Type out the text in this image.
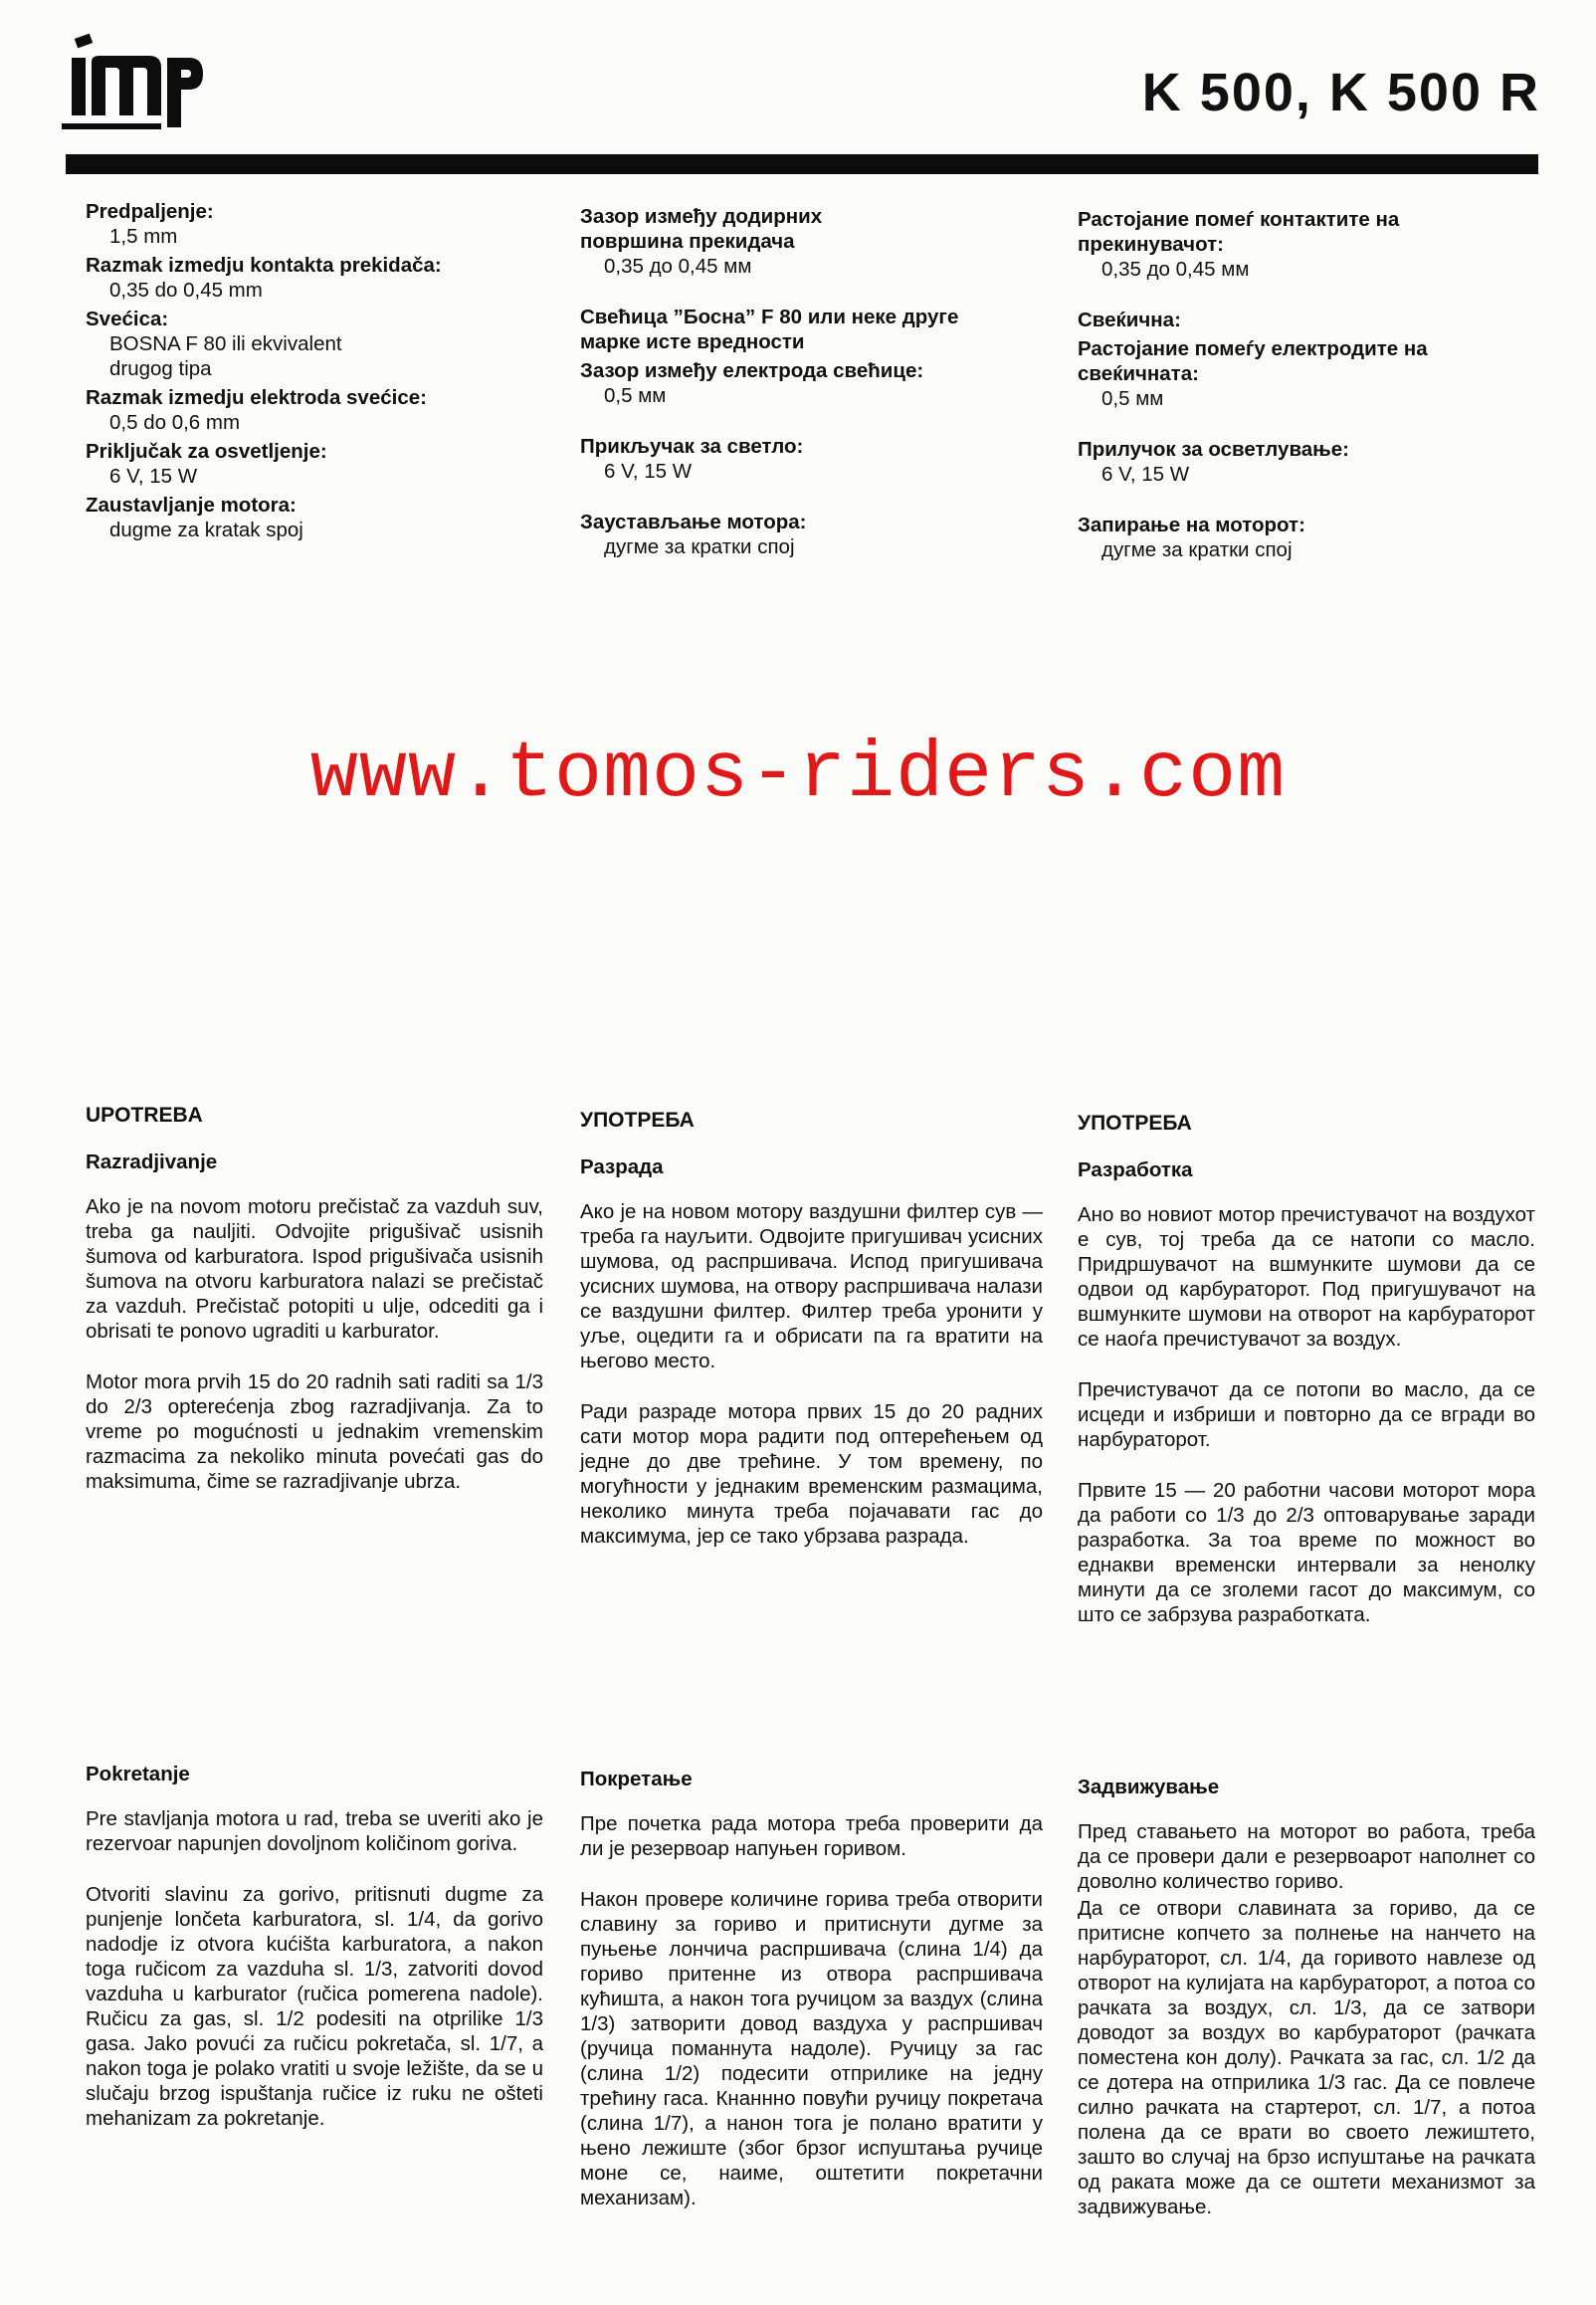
imp
K 500, K 500 R
Predpaljenje:
1,5 mm
Razmak izmedju kontakta prekidača:
0,35 do 0,45 mm
Svećica:
BOSNA F 80 ili ekvivalent drugog tipa
Razmak izmedju elektroda svećice:
0,5 do 0,6 mm
Priključak za osvetljenje:
6 V, 15 W
Zaustavljanje motora:
dugme za kratak spoj
Зазор између додирних површина прекидача
0,35 до 0,45 мм
Свећица ”Босна” F 80 или неке друге марке исте вредности
Зазор између електрода свећице:
0,5 мм
Прикључак за светло:
6 V, 15 W
Заустављање мотора:
дугме за кратки спој
Растојание помеѓ контактите на прекинувачот:
0,35 до 0,45 мм
Свеќична:
Растојание помеѓу електродите на свеќичната:
0,5 мм
Прилучок за осветлување:
6 V, 15 W
Запирање на моторот:
дугме за кратки спој
www.tomos-riders.com
UPOTREBA
Razradjivanje

Ako je na novom motoru prečistač za vazduh suv, treba ga nauljiti. Odvojite prigušivač usisnih šumova od karburatora. Ispod prigušivača usisnih šumova na otvoru karburatora nalazi se prečistač za vazduh. Prečistač potopiti u ulje, odcediti ga i obrisati te ponovo ugraditi u karburator.

Motor mora prvih 15 do 20 radnih sati raditi sa 1/3 do 2/3 opterećenja zbog razradjivanja. Za to vreme po mogućnosti u jednakim vremenskim razmacima za nekoliko minuta povećati gas do maksimuma, čime se razradjivanje ubrza.

УПОТРЕБА
Разрада

Ако је на новом мотору ваздушни филтер сув — треба га науљити. Одвојите пригушивач усисних шумова, од распршивача. Испод пригушивача усисних шумова, на отвору распршивача налази се ваздушни филтер. Филтер треба уронити у уље, оцедити га и обрисати па га вратити на његово место.

Ради разраде мотора првих 15 до 20 радних сати мотор мора радити под оптерећењем од једне до две трећине. У том времену, по могућности у једнаким временским размацима, неколико минута треба појачавати гас до максимума, јер се тако убрзава разрада.

УПОТРЕБА
Разработка

Ано во новиот мотор пречистувачот на воздухот е сув, тој треба да се натопи со масло. Придршувачот на вшмунките шумови да се одвои од карбураторот. Под пригушувачот на вшмунките шумови на отворот на карбураторот се наоѓа пречистувачот за воздух.

Пречистувачот да се потопи во масло, да се исцеди и избриши и повторно да се вгради во нарбураторот.

Првите 15 — 20 работни часови моторот мора да работи со 1/3 до 2/3 оптоварување заради разработка. За тоа време по можност во еднакви временски интервали за ненолку минути да се зголеми гасот до максимум, со што се забрзува разработката.

Pokretanje

Pre stavljanja motora u rad, treba se uveriti ako je rezervoar napunjen dovoljnom količinom goriva.

Otvoriti slavinu za gorivo, pritisnuti dugme za punjenje lončeta karburatora, sl. 1/4, da gorivo nadodje iz otvora kućišta karburatora, a nakon toga ručicom za vazduha sl. 1/3, zatvoriti dovod vazduha u karburator (ručica pomerena nadole). Ručicu za gas, sl. 1/2 podesiti na otprilike 1/3 gasa. Jako povući za ručicu pokretača, sl. 1/7, a nakon toga je polako vratiti u svoje ležište, da se u slučaju brzog ispuštanja ručice iz ruku ne ošteti mehanizam za pokretanje.

Покретање

Пре почетка рада мотора треба проверити да ли је резервоар напуњен горивом.

Након провере количине горива треба отворити славину за гориво и притиснути дугме за пуњење лончича распршивача (слина 1/4) да гориво притенне из отвора распршивача кућишта, а након тога ручицом за ваздух (слина 1/3) затворити довод ваздуха у распршивач (ручица поманнута надоле). Ручицу за гас (слина 1/2) подесити отприлике на једну трећину гаса. Кнаннно повући ручицу покретача (слина 1/7), а нанон тога је полано вратити у њено лежиште (због брзог испуштања ручице моне се, наиме, оштетити покретачни механизам).

Задвижување

Пред ставањето на моторот во работа, треба да се провери дали е резервоарот наполнет со доволно количество гориво.

Да се отвори славината за гориво, да се притисне копчето за полнење на нанчето на нарбураторот, сл. 1/4, да горивото навлезе од отворот на кулијата на карбураторот, а потоа со рачката за воздух, сл. 1/3, да се затвори доводот за воздух во карбураторот (рачката поместена кон долу). Рачката за гас, сл. 1/2 да се дотера на отприлика 1/3 гас. Да се повлече силно рачката на стартерот, сл. 1/7, а потоа полена да се врати во своето лежиштето, зашто во случај на брзо испуштање на рачката од раката може да се оштети механизмот за задвижување.
